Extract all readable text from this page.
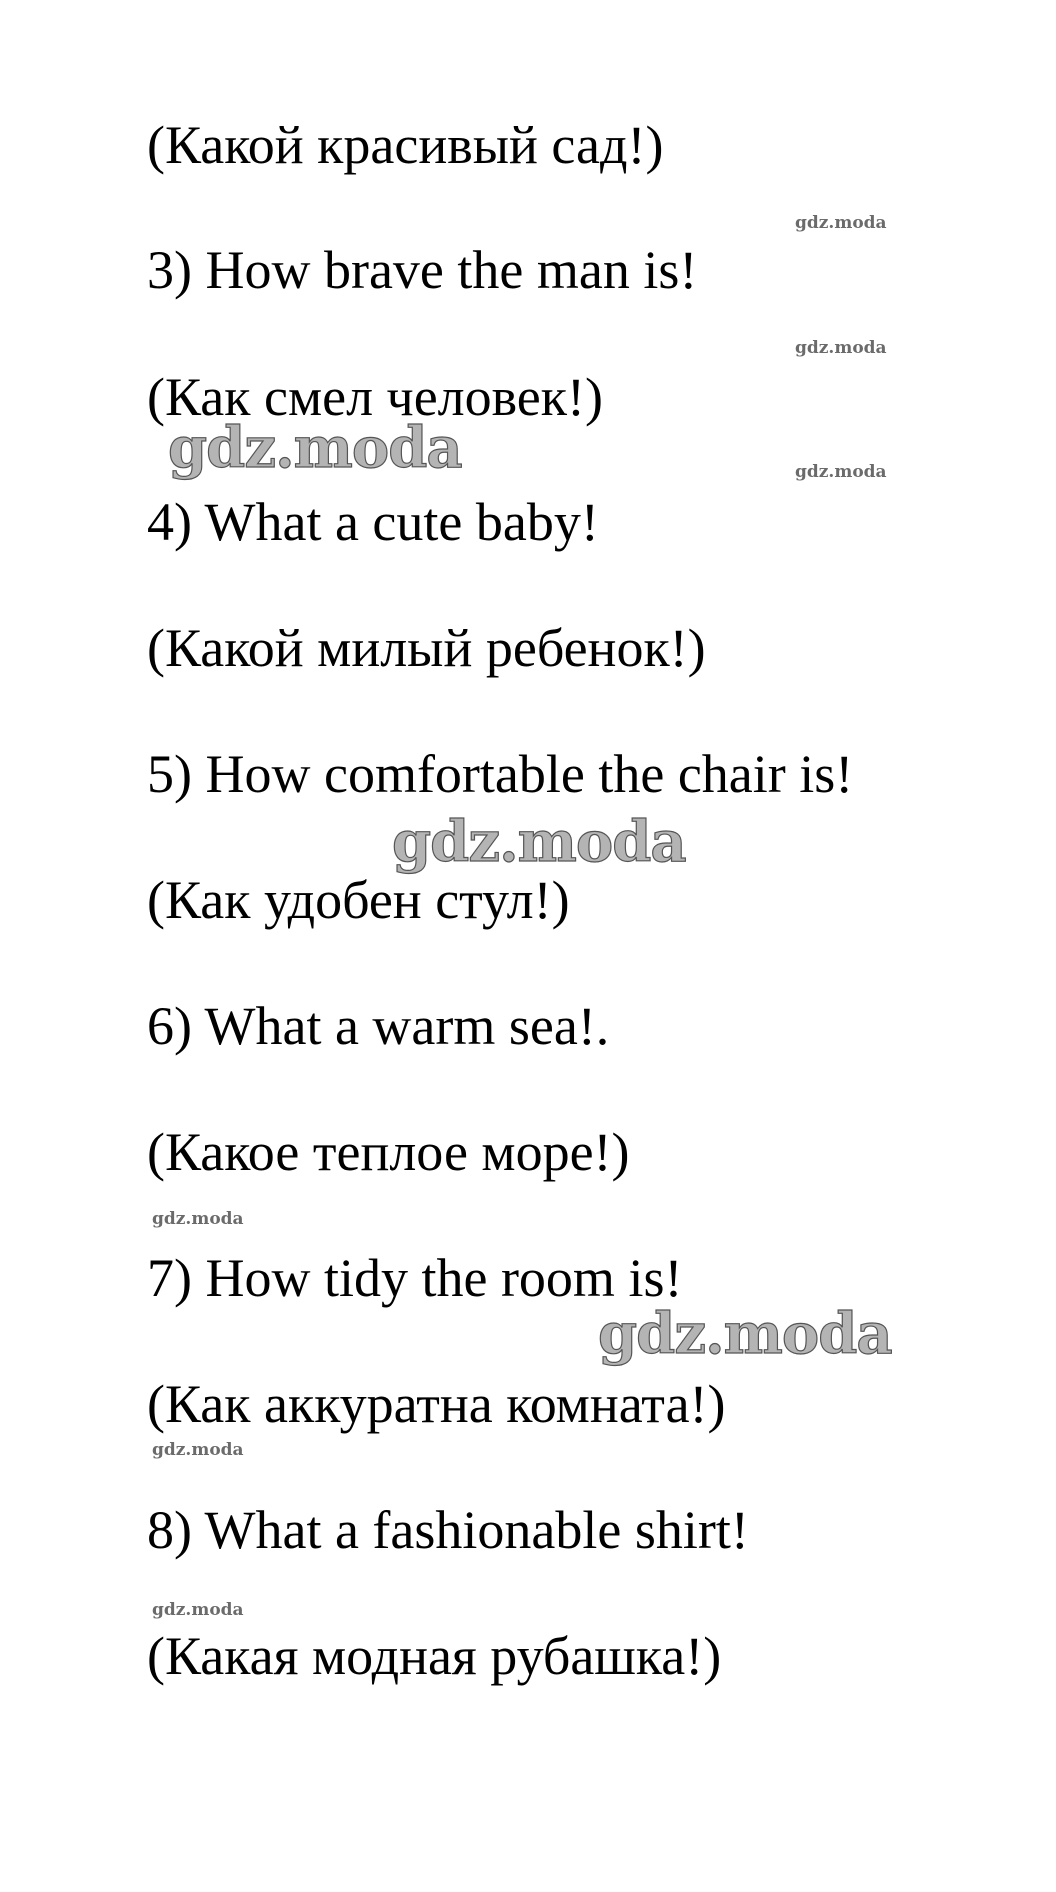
(Какой красивый сад!)
3) How brave the man is!
(Как смел человек!)
4) What a cute baby!
(Какой милый ребенок!)
5) How comfortable the chair is!
(Как удобен стул!)
6) What a warm sea!.
(Какое теплое море!)
7) How tidy the room is!
(Как аккуратна комната!)
8) What a fashionable shirt!
(Какая модная рубашка!)
gdz.moda
gdz.moda
gdz.moda
gdz.moda
gdz.moda
gdz.moda
gdz.moda
gdz.moda
gdz.moda
